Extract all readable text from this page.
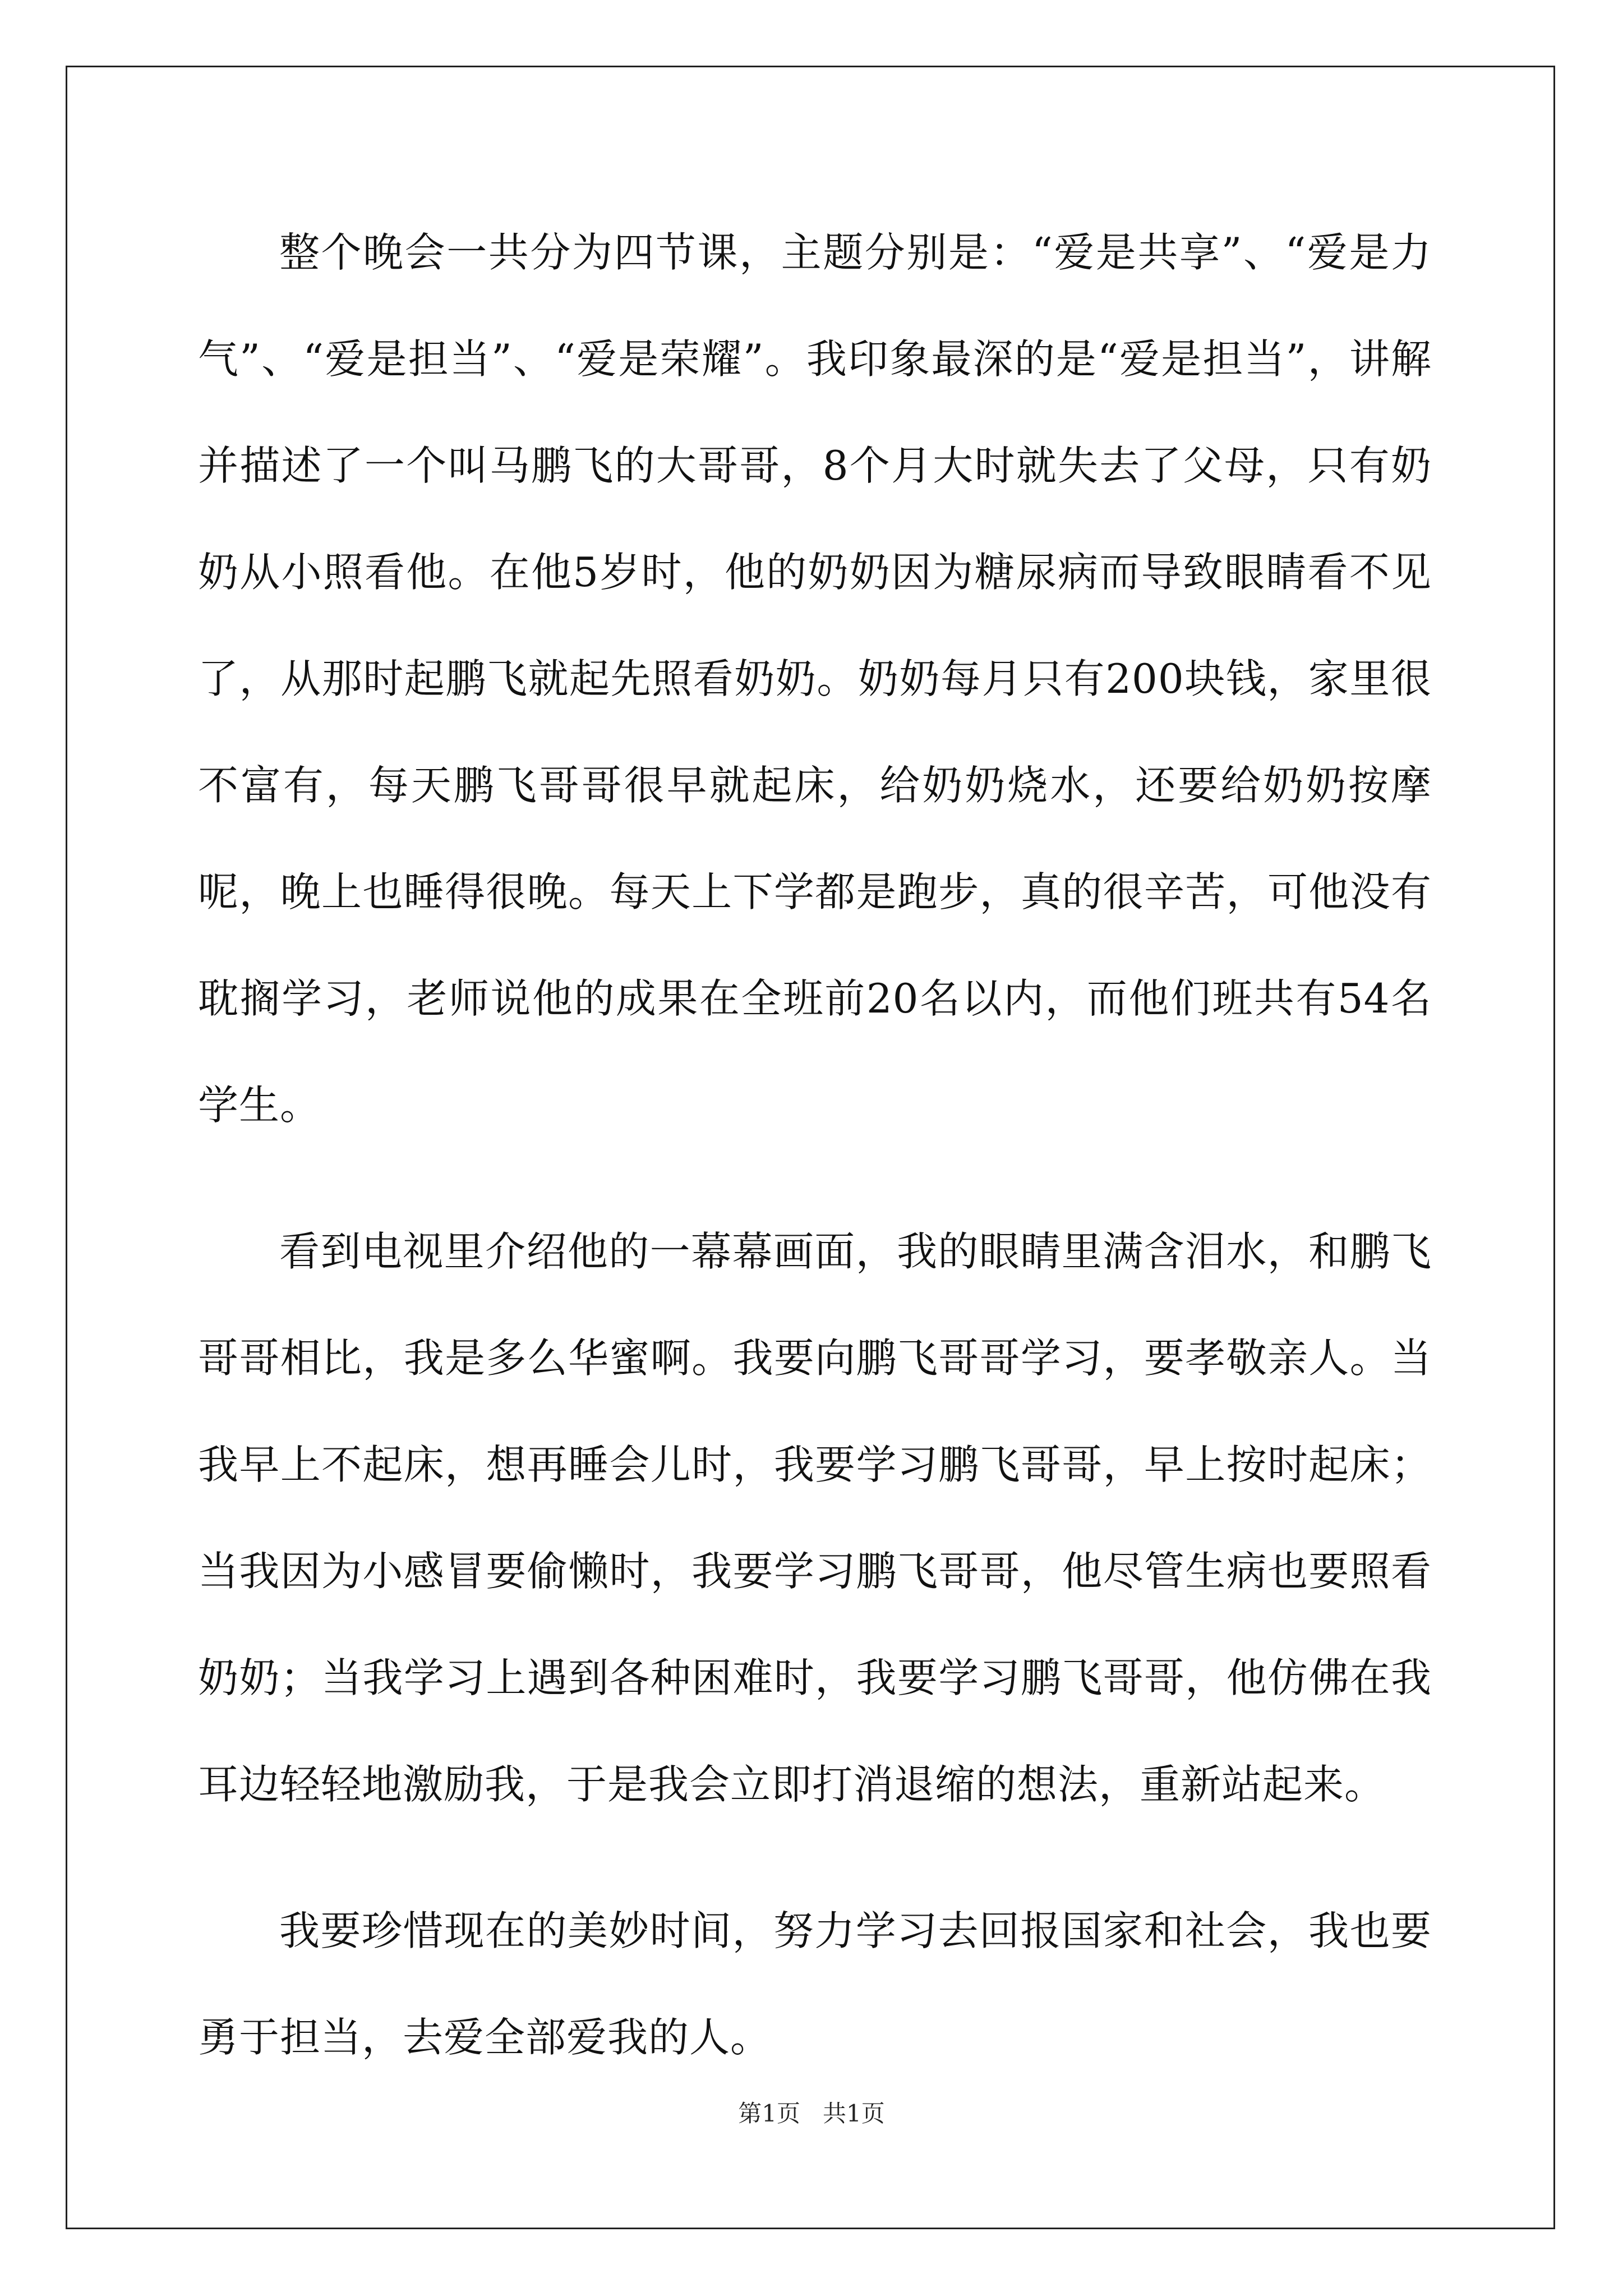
整个晚会一共分为四节课，主题分别是：“爱是共享”、“爱是力气”、“爱是担当”、“爱是荣耀”。我印象最深的是“爱是担当”，讲解并描述了一个叫马鹏飞的大哥哥，8个月大时就失去了父母，只有奶奶从小照看他。在他5岁时，他的奶奶因为糖尿病而导致眼睛看不见了，从那时起鹏飞就起先照看奶奶。奶奶每月只有200块钱，家里很不富有，每天鹏飞哥哥很早就起床，给奶奶烧水，还要给奶奶按摩呢，晚上也睡得很晚。每天上下学都是跑步，真的很辛苦，可他没有耽搁学习，老师说他的成果在全班前20名以内，而他们班共有54名学生。

看到电视里介绍他的一幕幕画面，我的眼睛里满含泪水，和鹏飞哥哥相比，我是多么华蜜啊。我要向鹏飞哥哥学习，要孝敬亲人。当我早上不起床，想再睡会儿时，我要学习鹏飞哥哥，早上按时起床；当我因为小感冒要偷懒时，我要学习鹏飞哥哥，他尽管生病也要照看奶奶；当我学习上遇到各种困难时，我要学习鹏飞哥哥，他仿佛在我耳边轻轻地激励我，于是我会立即打消退缩的想法，重新站起来。

我要珍惜现在的美妙时间，努力学习去回报国家和社会，我也要勇于担当，去爱全部爱我的人。

第1页   共1页
